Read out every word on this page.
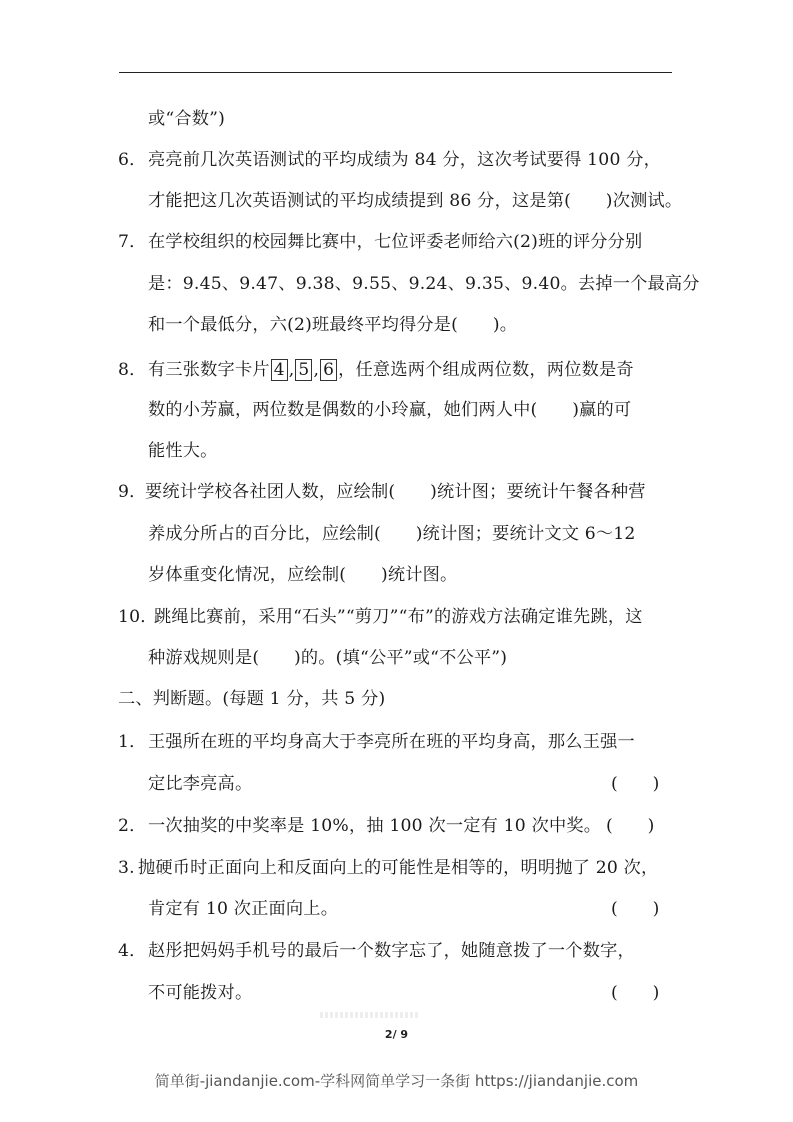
或“合数”)
6． 亮亮前几次英语测试的平均成绩为 84 分，这次考试要得 100 分，
才能把这几次英语测试的平均成绩提到 86 分，这是第(　　)次测试。
7． 在学校组织的校园舞比赛中，七位评委老师给六(2)班的评分分别
是：9.45、9.47、9.38、9.55、9.24、9.35、9.40。去掉一个最高分
和一个最低分，六(2)班最终平均得分是(　　)。
8． 有三张数字卡片 4 , 5 , 6 ，任意选两个组成两位数，两位数是奇
数的小芳赢，两位数是偶数的小玲赢，她们两人中(　　)赢的可
能性大。
9．
要统计学校各社团人数，应绘制(　　)统计图；要统计午餐各种营
养成分所占的百分比，应绘制(　　)统计图；要统计文文 6～12
岁体重变化情况，应绘制(　　)统计图。
10．
跳绳比赛前，采用“石头”“剪刀”“布”的游戏方法确定谁先跳，这
种游戏规则是(　　)的。(填“公平”或“不公平”)
二、判断题。(每题 1 分，共 5 分)
1． 王强所在班的平均身高大于李亮所在班的平均身高，那么王强一
定比李亮高。	(　　)
2． 一次抽奖的中奖率是 10%，抽 100 次一定有 10 次中奖。 (　　)
3. 抛硬币时正面向上和反面向上的可能性是相等的，明明抛了 20 次，
肯定有 10 次正面向上。	(　　)
4． 赵彤把妈妈手机号的最后一个数字忘了，她随意拨了一个数字，
不可能拨对。	(　　)
2/ 9
简单街-jiandanjie.com-学科网简单学习一条街 https://jiandanjie.com
